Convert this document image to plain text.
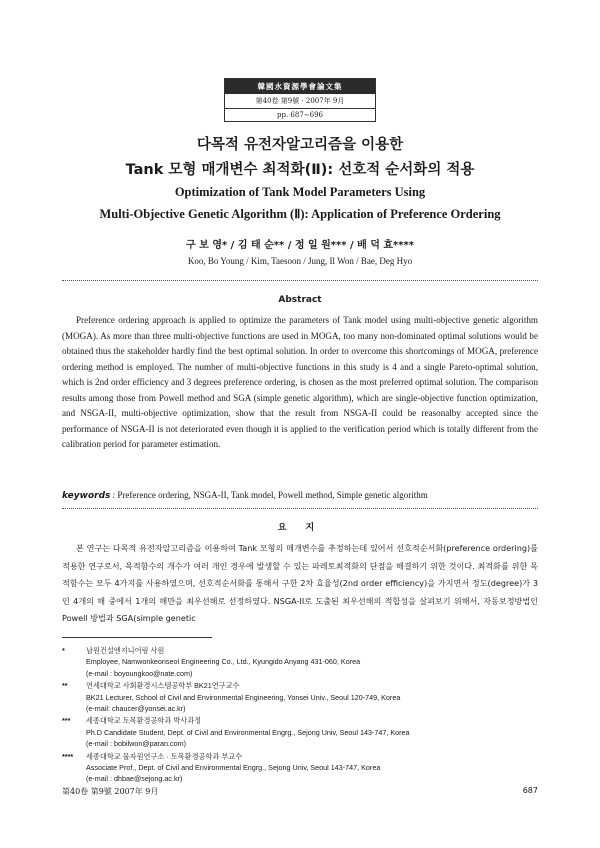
韓國水資源學會論文集
第40卷 第9號 · 2007年 9月
pp. 687∼696
다목적 유전자알고리즘을 이용한
Tank 모형 매개변수 최적화(Ⅱ): 선호적 순서화의 적용
Optimization of Tank Model Parameters Using
Multi-Objective Genetic Algorithm (Ⅱ): Application of Preference Ordering
구 보 영* / 김 태 순** / 정 일 원*** / 배 덕 효****
Koo, Bo Young / Kim, Taesoon / Jung, Il Won / Bae, Deg Hyo
Abstract

Preference ordering approach is applied to optimize the parameters of Tank model using multi-objective genetic algorithm (MOGA). As more than three multi-objective functions are used in MOGA, too many non-dominated optimal solutions would be obtained thus the stakeholder hardly find the best optimal solution. In order to overcome this shortcomings of MOGA, preference ordering method is employed. The number of multi-objective functions in this study is 4 and a single Pareto-optimal solution, which is 2nd order efficiency and 3 degrees preference ordering, is chosen as the most preferred optimal solution. The comparison results among those from Powell method and SGA (simple genetic algorithm), which are single-objective function optimization, and NSGA-II, multi-objective optimization, show that the result from NSGA-II could be reasonalby accepted since the performance of NSGA-II is not deteriorated even though it is applied to the verification period which is totally different from the calibration period for parameter estimation.

keywords : Preference ordering, NSGA-II, Tank model, Powell method, Simple genetic algorithm
요 지

본 연구는 다목적 유전자알고리즘을 이용하여 Tank 모형의 매개변수를 추정하는데 있어서 선호적순서화(preference ordering)를 적용한 연구로서, 목적함수의 개수가 여러 개인 경우에 발생할 수 있는 파레토최적화의 단점을 해결하기 위한 것이다. 최적화를 위한 목적함수는 모두 4가지를 사용하였으며, 선호적순서화를 통해서 구한 2차 효율성(2nd order efficiency)을 가지면서 정도(degree)가 3인 4개의 해 중에서 1개의 해만을 최우선해로 선정하였다. NSGA-II로 도출된 최우선해의 적합성을 살펴보기 위해서, 자동보정방법인 Powell 방법과 SGA(simple genetic

*	남원건설엔지니어링 사원
Employee, Namwonkeonseol Engineering Co., Ltd., Kyungido Anyang 431-060, Korea
(e-mail : boyoungkoo@nate.com)
**	연세대학교 사회환경시스템공학부 BK21연구교수
BK21 Lecturer, School of Civil and Environmental Engineering, Yonsei Univ., Seoul 120-749, Korea
(e-mail: chaucer@yonsei.ac.kr)
***	세종대학교 토목환경공학과 박사과정
Ph.D Candidate Student, Dept. of Civil and Environmental Engrg., Sejong Univ, Seoul 143-747, Korea
(e-mail : bobilwon@paran.com)
****	세종대학교 물자원연구소 · 토목환경공학과 부교수
Associate Prof., Dept. of Civil and Environmental Engrg., Sejong Univ, Seoul 143-747, Korea
(e-mail : dhbae@sejong.ac.kr)
第40卷 第9號 2007年 9月	687
